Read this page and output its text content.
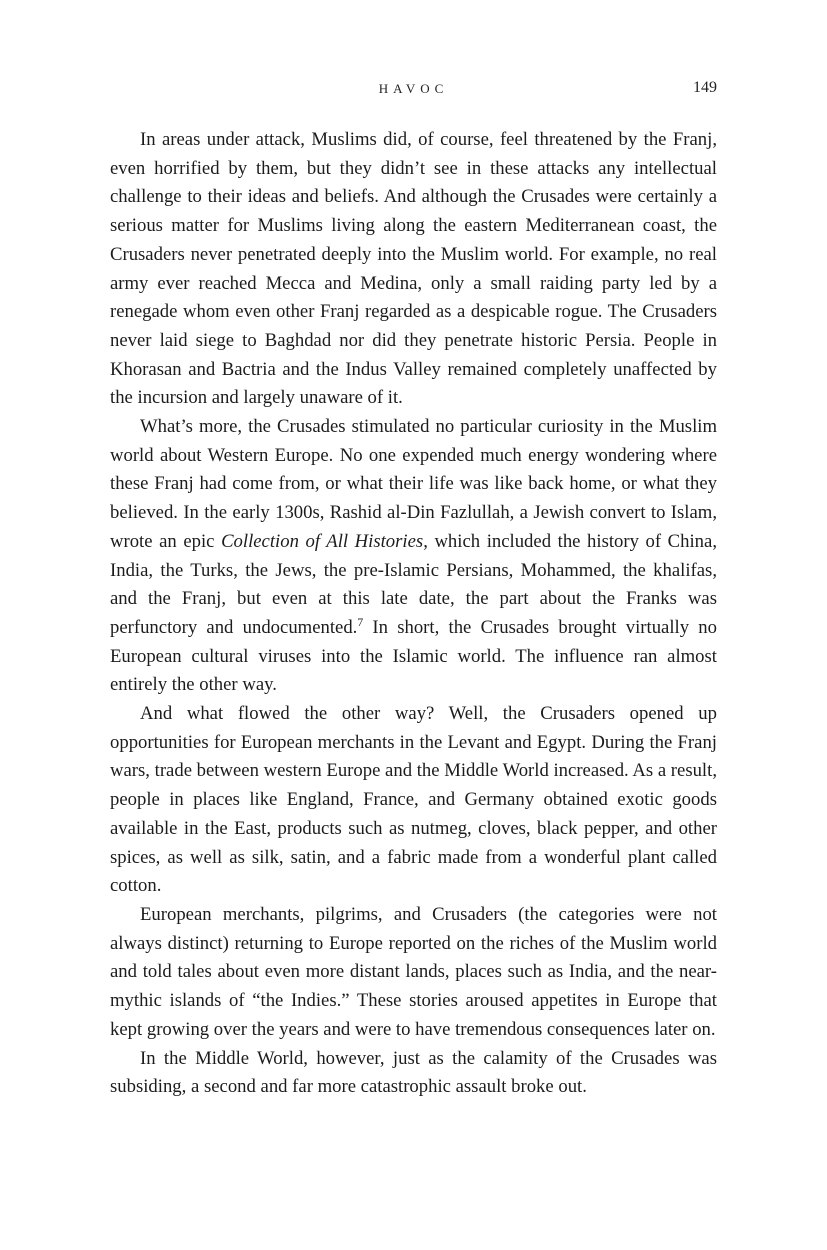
HAVOC	149

In areas under attack, Muslims did, of course, feel threatened by the Franj, even horrified by them, but they didn’t see in these attacks any intellectual challenge to their ideas and beliefs. And although the Crusades were certainly a serious matter for Muslims living along the eastern Mediterranean coast, the Crusaders never penetrated deeply into the Muslim world. For example, no real army ever reached Mecca and Medina, only a small raiding party led by a renegade whom even other Franj regarded as a despicable rogue. The Crusaders never laid siege to Baghdad nor did they penetrate historic Persia. People in Khorasan and Bactria and the Indus Valley remained completely unaffected by the incursion and largely unaware of it.

What’s more, the Crusades stimulated no particular curiosity in the Muslim world about Western Europe. No one expended much energy wondering where these Franj had come from, or what their life was like back home, or what they believed. In the early 1300s, Rashid al-Din Fazlullah, a Jewish convert to Islam, wrote an epic Collection of All Histories, which included the history of China, India, the Turks, the Jews, the pre-Islamic Persians, Mohammed, the khalifas, and the Franj, but even at this late date, the part about the Franks was perfunctory and undocumented.$^7$ In short, the Crusades brought virtually no European cultural viruses into the Islamic world. The influence ran almost entirely the other way.

And what flowed the other way? Well, the Crusaders opened up opportunities for European merchants in the Levant and Egypt. During the Franj wars, trade between western Europe and the Middle World increased. As a result, people in places like England, France, and Germany obtained exotic goods available in the East, products such as nutmeg, cloves, black pepper, and other spices, as well as silk, satin, and a fabric made from a wonderful plant called cotton.

European merchants, pilgrims, and Crusaders (the categories were not always distinct) returning to Europe reported on the riches of the Muslim world and told tales about even more distant lands, places such as India, and the near-mythic islands of “the Indies.” These stories aroused appetites in Europe that kept growing over the years and were to have tremendous consequences later on.

In the Middle World, however, just as the calamity of the Crusades was subsiding, a second and far more catastrophic assault broke out.
